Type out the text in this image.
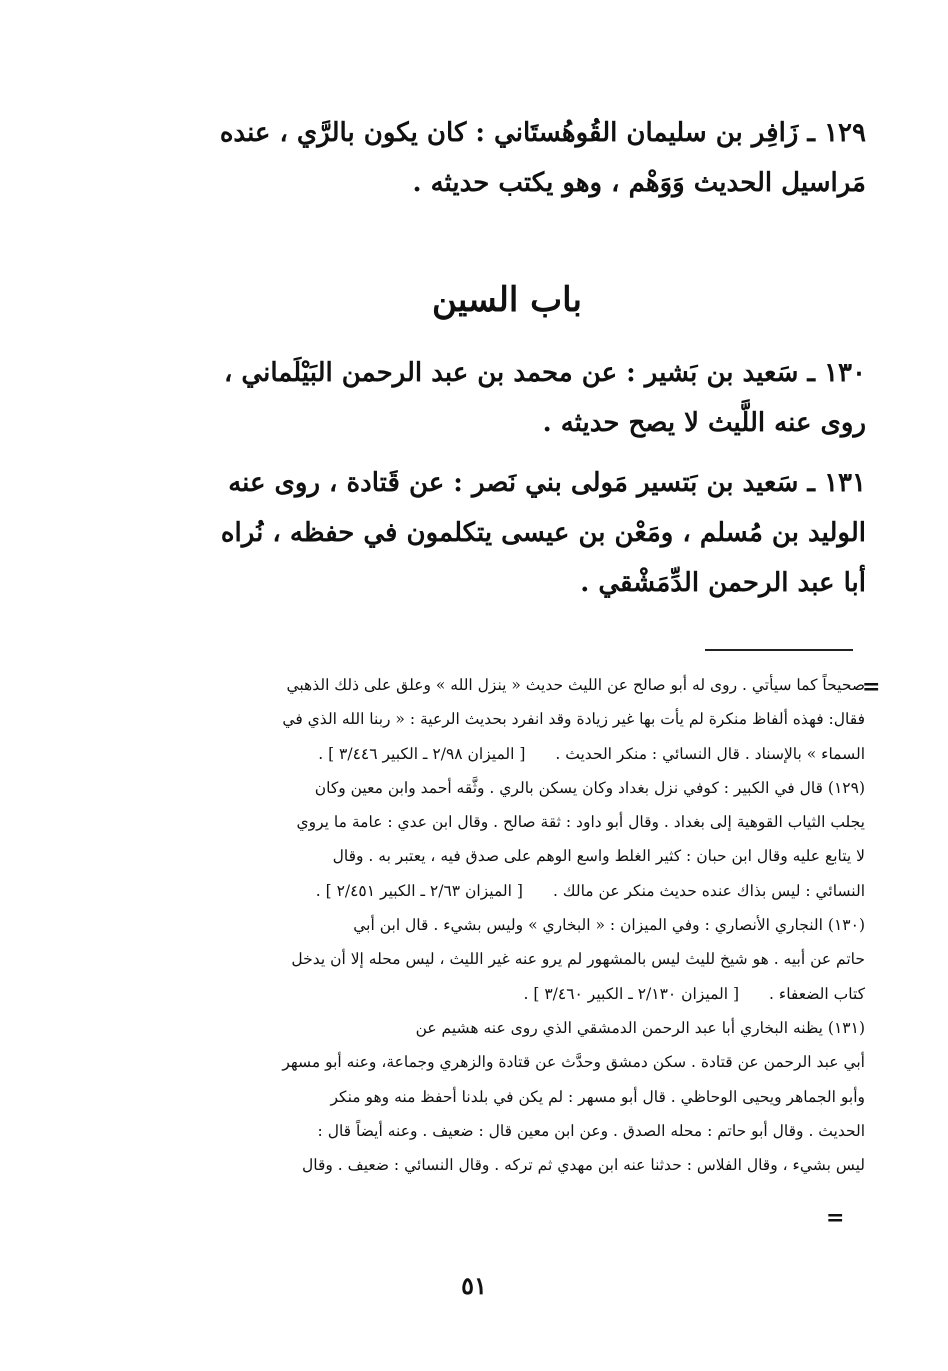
١٢٩ ـ زَافِر بن سليمان القُوهُستَاني : كان يكون بالرَّي ، عنده
مَراسيل الحديث وَوَهْم ، وهو يكتب حديثه .
باب السين
١٣٠ ـ سَعيد بن بَشير : عن محمد بن عبد الرحمن البَيْلَماني ،
روى عنه اللَّيث لا يصح حديثه .
١٣١ ـ سَعيد بن بَتسير مَولى بني نَصر : عن قَتادة ، روى عنه
الوليد بن مُسلم ، ومَعْن بن عيسى يتكلمون في حفظه ، نُراه
أبا عبد الرحمن الدِّمَشْقي .
=
صحيحاً كما سيأتي . روى له أبو صالح عن الليث حديث « ينزل الله » وعلق على ذلك الذهبي
فقال: فهذه ألفاظ منكرة لم يأت بها غير زيادة وقد انفرد بحديث الرعية : « ربنا الله الذي في
السماء » بالإسناد . قال النسائي : منكر الحديث .[ الميزان ٢/٩٨ ـ الكبير ٣/٤٤٦ ] .
(١٢٩) قال في الكبير : كوفي نزل بغداد وكان يسكن بالري . وثَّقه أحمد وابن معين وكان
يجلب الثياب القوهية إلى بغداد . وقال أبو داود : ثقة صالح . وقال ابن عدي : عامة ما يروي
لا يتابع عليه وقال ابن حبان : كثير الغلط واسع الوهم على صدق فيه ، يعتبر به . وقال
النسائي : ليس بذاك عنده حديث منكر عن مالك .[ الميزان ٢/٦٣ ـ الكبير ٢/٤٥١ ] .
(١٣٠) النجاري الأنصاري : وفي الميزان : « البخاري » وليس بشيء . قال ابن أبي
حاتم عن أبيه . هو شيخ لليث ليس بالمشهور لم يرو عنه غير الليث ، ليس محله إلا أن يدخل
كتاب الضعفاء .[ الميزان ٢/١٣٠ ـ الكبير ٣/٤٦٠ ] .
(١٣١) يظنه البخاري أبا عبد الرحمن الدمشقي الذي روى عنه هشيم عن
أبي عبد الرحمن عن قتادة . سكن دمشق وحدَّث عن قتادة والزهري وجماعة، وعنه أبو مسهر
وأبو الجماهر ويحيى الوحاظي . قال أبو مسهر : لم يكن في بلدنا أحفظ منه وهو منكر
الحديث . وقال أبو حاتم : محله الصدق . وعن ابن معين قال : ضعيف . وعنه أيضاً قال :
ليس بشيء ، وقال الفلاس : حدثنا عنه ابن مهدي ثم تركه . وقال النسائي : ضعيف . وقال
=
٥١
